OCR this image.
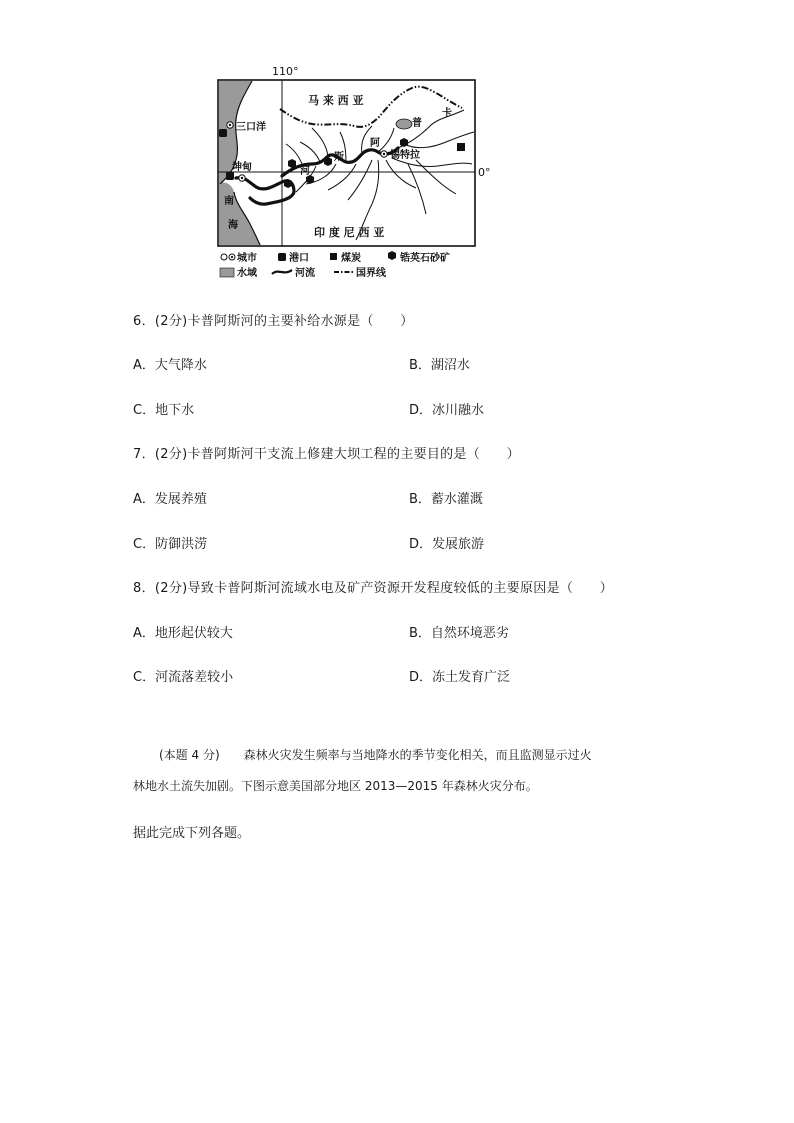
110°
0°
马 来 西 亚
印 度 尼 西 亚
三口洋
坤甸
锡特拉
卡
普
阿
斯
河
南
海
城市	港口	煤炭	锆英石砂矿
水域	河流	国界线
6．(2分)卡普阿斯河的主要补给水源是（　　）
A．大气降水	B．湖沼水
C．地下水	D．冰川融水
7．(2分)卡普阿斯河干支流上修建大坝工程的主要目的是（　　）
A．发展养殖	B．蓄水灌溉
C．防御洪涝	D．发展旅游
8．(2分)导致卡普阿斯河流域水电及矿产资源开发程度较低的主要原因是（　　）
A．地形起伏较大	B．自然环境恶劣
C．河流落差较小	D．冻土发育广泛
(本题 4 分) 森林火灾发生频率与当地降水的季节变化相关，而且监测显示过火
林地水土流失加剧。下图示意美国部分地区 2013—2015 年森林火灾分布。
据此完成下列各题。
